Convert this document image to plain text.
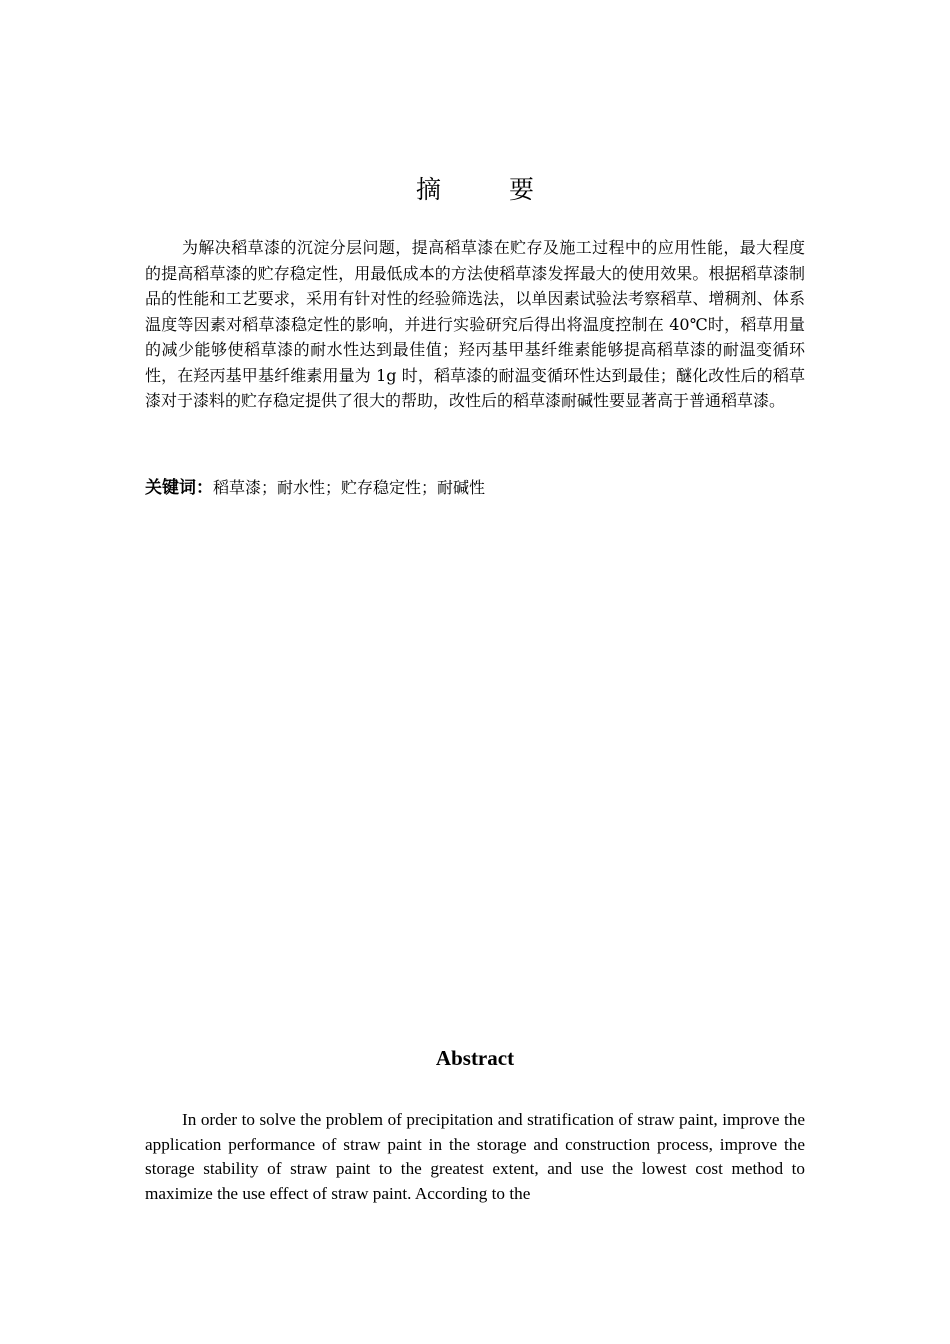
摘 要

为解决稻草漆的沉淀分层问题，提高稻草漆在贮存及施工过程中的应用性能，最大程度的提高稻草漆的贮存稳定性，用最低成本的方法使稻草漆发挥最大的使用效果。根据稻草漆制品的性能和工艺要求，采用有针对性的经验筛选法，以单因素试验法考察稻草、增稠剂、体系温度等因素对稻草漆稳定性的影响，并进行实验研究后得出将温度控制在 40℃时，稻草用量的减少能够使稻草漆的耐水性达到最佳值；羟丙基甲基纤维素能够提高稻草漆的耐温变循环性，在羟丙基甲基纤维素用量为 1g 时，稻草漆的耐温变循环性达到最佳；醚化改性后的稻草漆对于漆料的贮存稳定提供了很大的帮助，改性后的稻草漆耐碱性要显著高于普通稻草漆。

关键词：稻草漆；耐水性；贮存稳定性；耐碱性
Abstract

In order to solve the problem of precipitation and stratification of straw paint, improve the application performance of straw paint in the storage and construction process, improve the storage stability of straw paint to the greatest extent, and use the lowest cost method to maximize the use effect of straw paint. According to the
